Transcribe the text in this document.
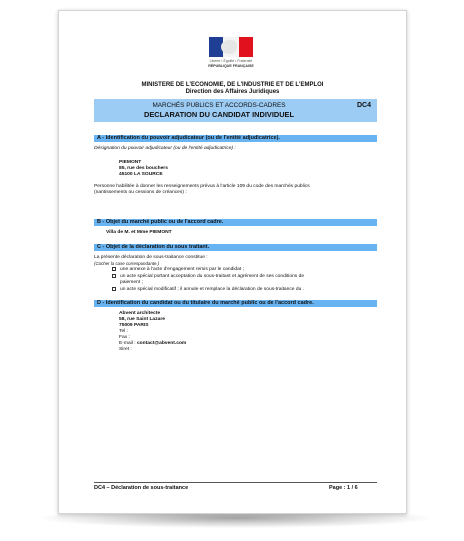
Liberté • Égalité • Fraternité
RÉPUBLIQUE FRANÇAISE
MINISTERE DE L'ECONOMIE, DE L'INDUSTRIE ET DE L'EMPLOI
Direction des Affaires Juridiques
MARCHÉS PUBLICS ET ACCORDS-CADRES
DECLARATION DU CANDIDAT INDIVIDUEL
DC4
A - Identification du pouvoir adjudicateur (ou de l'entité adjudicatrice).
Désignation du pouvoir adjudicateur (ou de l'entité adjudicatrice) :
PIEMONT
85, rue des bouchers
45100 LA SOURCE
Personne habilitée à donner les renseignements prévus à l'article 109 du code des marchés publics
(nantissements ou cessions de créances) :
B - Objet du marché public ou de l'accord cadre.
Villa de M. et Mme PIEMONT
C - Objet de la déclaration du sous traitant.
La présente déclaration de sous-traitance constitue :
(Cocher la case correspondante.)
une annexe à l'acte d'engagement remis par le candidat ;
un acte spécial portant acceptation du sous-traitant et agrément de ses conditions de
paiement ;
un acte spécial modificatif ; il annule et remplace la déclaration de sous-traitance du .
D - Identification du candidat ou du titulaire du marché public ou de l'accord cadre.
Abvent architecte
58, rue Saint Lazare
75009 PARIS
Tel :
Fax :
E-mail : contact@abvent.com
Siret :
DC4 – Déclaration de sous-traitance	Page : 1 / 6
